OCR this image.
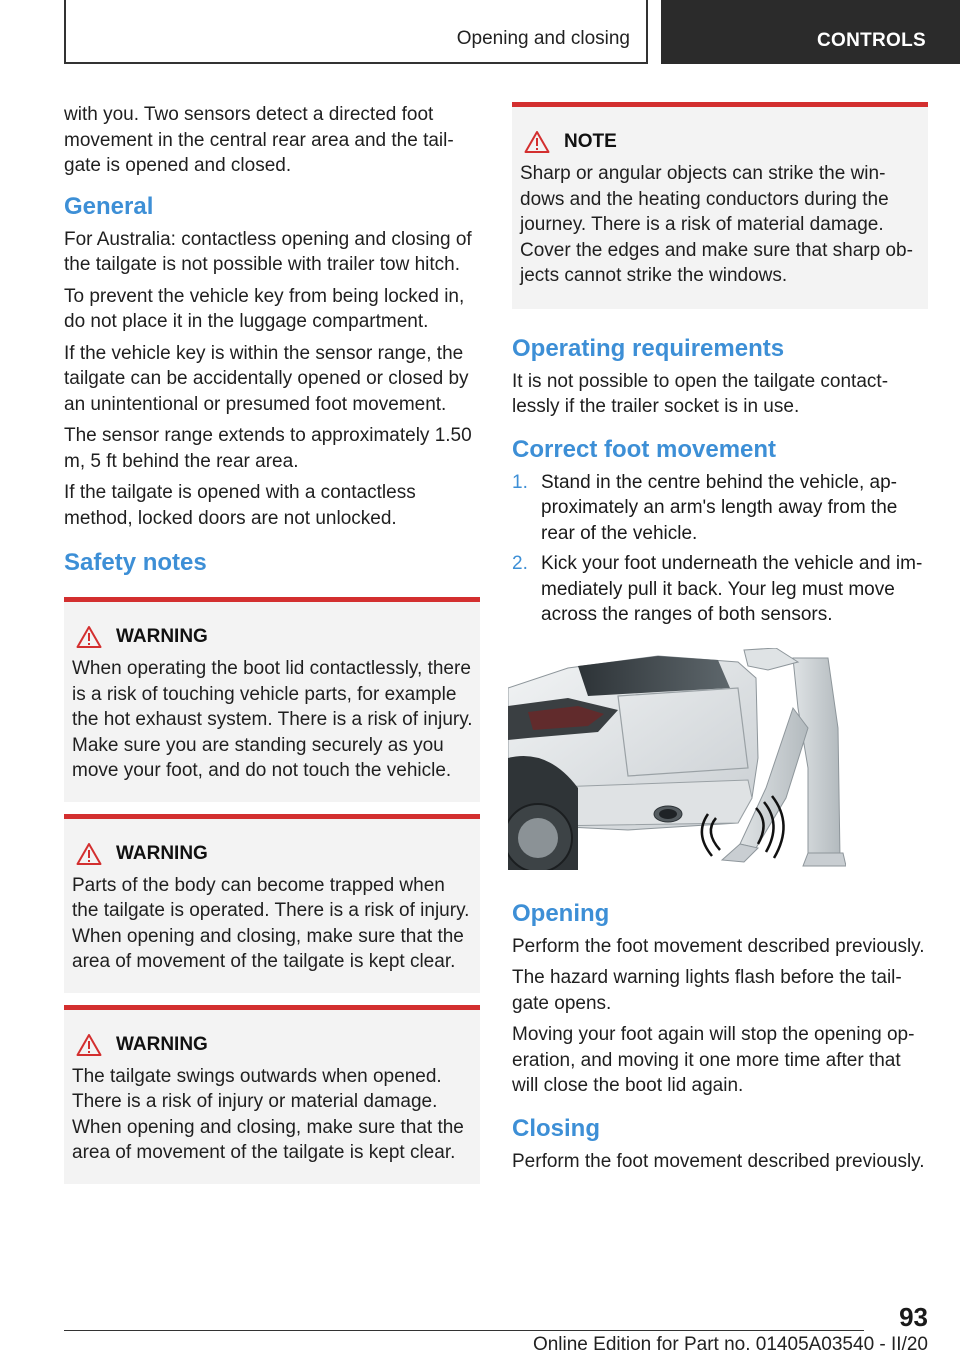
Opening and closing	CONTROLS

with you. Two sensors detect a directed foot movement in the central rear area and the tailgate is opened and closed.

General

For Australia: contactless opening and closing of the tailgate is not possible with trailer tow hitch.

To prevent the vehicle key from being locked in, do not place it in the luggage compartment.

If the vehicle key is within the sensor range, the tailgate can be accidentally opened or closed by an unintentional or presumed foot movement.

The sensor range extends to approximately 1.50 m, 5 ft behind the rear area.

If the tailgate is opened with a contactless method, locked doors are not unlocked.

Safety notes
WARNING

When operating the boot lid contactlessly, there is a risk of touching vehicle parts, for example the hot exhaust system. There is a risk of injury. Make sure you are standing securely as you move your foot, and do not touch the vehicle.

WARNING

Parts of the body can become trapped when the tailgate is operated. There is a risk of injury. When opening and closing, make sure that the area of movement of the tailgate is kept clear.

WARNING

The tailgate swings outwards when opened. There is a risk of injury or material damage. When opening and closing, make sure that the area of movement of the tailgate is kept clear.

NOTE

Sharp or angular objects can strike the windows and the heating conductors during the journey. There is a risk of material damage. Cover the edges and make sure that sharp objects cannot strike the windows.

Operating requirements

It is not possible to open the tailgate contactlessly if the trailer socket is in use.

Correct foot movement
1. Stand in the centre behind the vehicle, approximately an arm's length away from the rear of the vehicle.
2. Kick your foot underneath the vehicle and immediately pull it back. Your leg must move across the ranges of both sensors.
Opening

Perform the foot movement described previously.

The hazard warning lights flash before the tailgate opens.

Moving your foot again will stop the opening operation, and moving it one more time after that will close the boot lid again.

Closing

Perform the foot movement described previously.

93
Online Edition for Part no. 01405A03540 - II/20
